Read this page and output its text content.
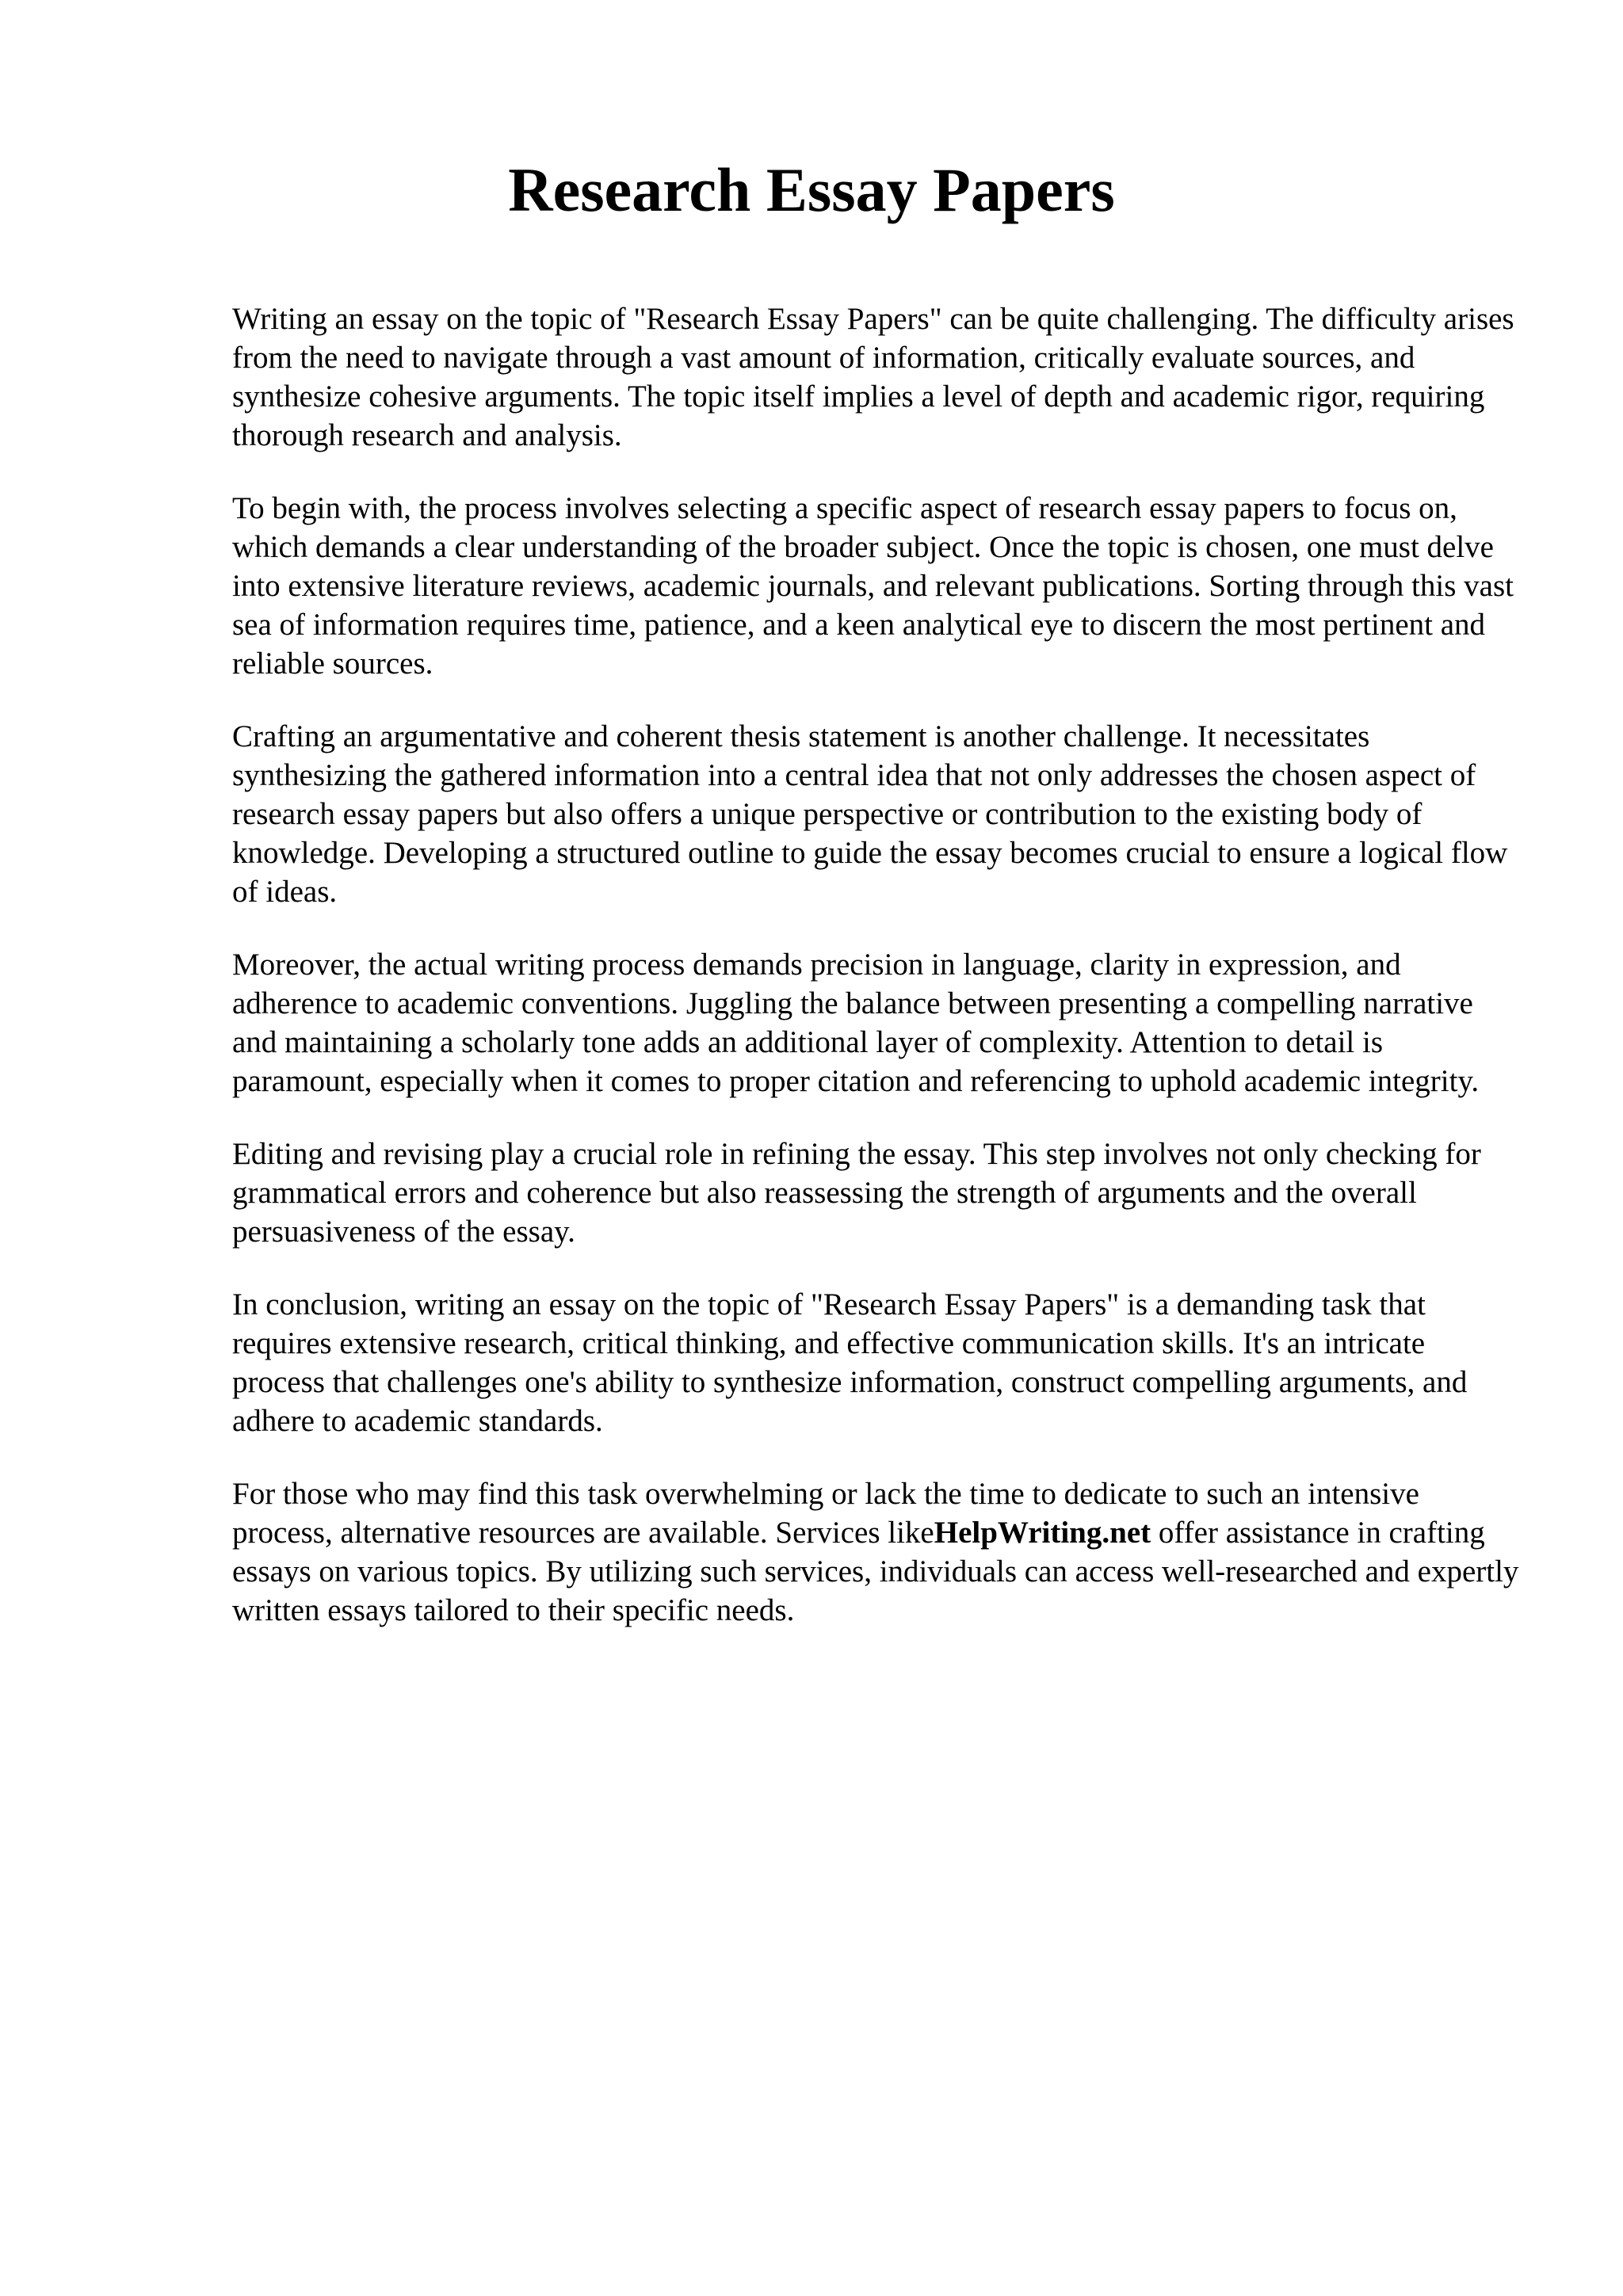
Research Essay Papers

Writing an essay on the topic of "Research Essay Papers" can be quite challenging. The difficulty arises from the need to navigate through a vast amount of information, critically evaluate sources, and synthesize cohesive arguments. The topic itself implies a level of depth and academic rigor, requiring thorough research and analysis.

To begin with, the process involves selecting a specific aspect of research essay papers to focus on, which demands a clear understanding of the broader subject. Once the topic is chosen, one must delve into extensive literature reviews, academic journals, and relevant publications. Sorting through this vast sea of information requires time, patience, and a keen analytical eye to discern the most pertinent and reliable sources.

Crafting an argumentative and coherent thesis statement is another challenge. It necessitates synthesizing the gathered information into a central idea that not only addresses the chosen aspect of research essay papers but also offers a unique perspective or contribution to the existing body of knowledge. Developing a structured outline to guide the essay becomes crucial to ensure a logical flow of ideas.

Moreover, the actual writing process demands precision in language, clarity in expression, and adherence to academic conventions. Juggling the balance between presenting a compelling narrative and maintaining a scholarly tone adds an additional layer of complexity. Attention to detail is paramount, especially when it comes to proper citation and referencing to uphold academic integrity.

Editing and revising play a crucial role in refining the essay. This step involves not only checking for grammatical errors and coherence but also reassessing the strength of arguments and the overall persuasiveness of the essay.

In conclusion, writing an essay on the topic of "Research Essay Papers" is a demanding task that requires extensive research, critical thinking, and effective communication skills. It's an intricate process that challenges one's ability to synthesize information, construct compelling arguments, and adhere to academic standards.

For those who may find this task overwhelming or lack the time to dedicate to such an intensive process, alternative resources are available. Services likeHelpWriting.net offer assistance in crafting essays on various topics. By utilizing such services, individuals can access well-researched and expertly written essays tailored to their specific needs.
